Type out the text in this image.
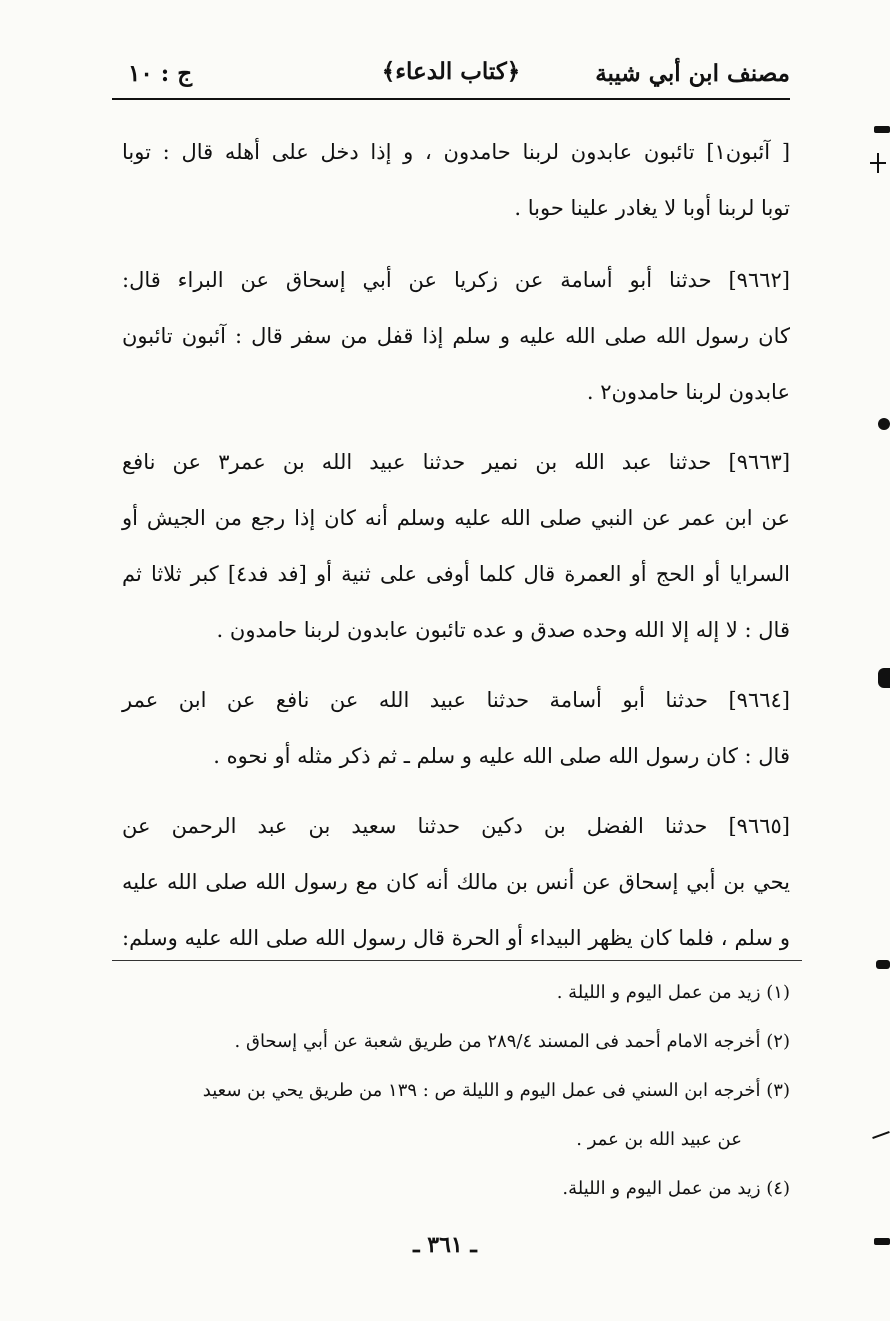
مصنف ابن أبي شيبة
﴿كتاب الدعاء﴾
ج : ١٠

[ آئبون١] تائبون عابدون لربنا حامدون ، و إذا دخل على أهله قال : توبا
توبا لربنا أوبا لا يغادر علينا حوبا .

[٩٦٦٢] حدثنا أبو أسامة عن زكريا عن أبي إسحاق عن البراء قال:
كان رسول الله صلى الله عليه و سلم إذا قفل من سفر قال : آئبون تائبون
عابدون لربنا حامدون٢ .

[٩٦٦٣] حدثنا عبد الله بن نمير حدثنا عبيد الله بن عمر٣ عن نافع
عن ابن عمر عن النبي صلى الله عليه وسلم أنه كان إذا رجع من الجيش أو
السرايا أو الحج أو العمرة قال كلما أوفى على ثنية أو [فد فد٤] كبر ثلاثا ثم
قال : لا إله إلا الله وحده صدق و عده تائبون عابدون لربنا حامدون .

[٩٦٦٤] حدثنا أبو أسامة حدثنا عبيد الله عن نافع عن ابن عمر
قال : كان رسول الله صلى الله عليه و سلم ـ ثم ذكر مثله أو نحوه .

[٩٦٦٥] حدثنا الفضل بن دكين حدثنا سعيد بن عبد الرحمن عن
يحي بن أبي إسحاق عن أنس بن مالك أنه كان مع رسول الله صلى الله عليه
و سلم ، فلما كان يظهر البيداء أو الحرة قال رسول الله صلى الله عليه وسلم:

(١) زيد من عمل اليوم و الليلة .
(٢) أخرجه الامام أحمد فى المسند ٢٨٩/٤ من طريق شعبة عن أبي إسحاق .
(٣) أخرجه ابن السني فى عمل اليوم و الليلة ص : ١٣٩ من طريق يحي بن سعيد
عن عبيد الله بن عمر .
(٤) زيد من عمل اليوم و الليلة.
ـ ٣٦١ ـ
